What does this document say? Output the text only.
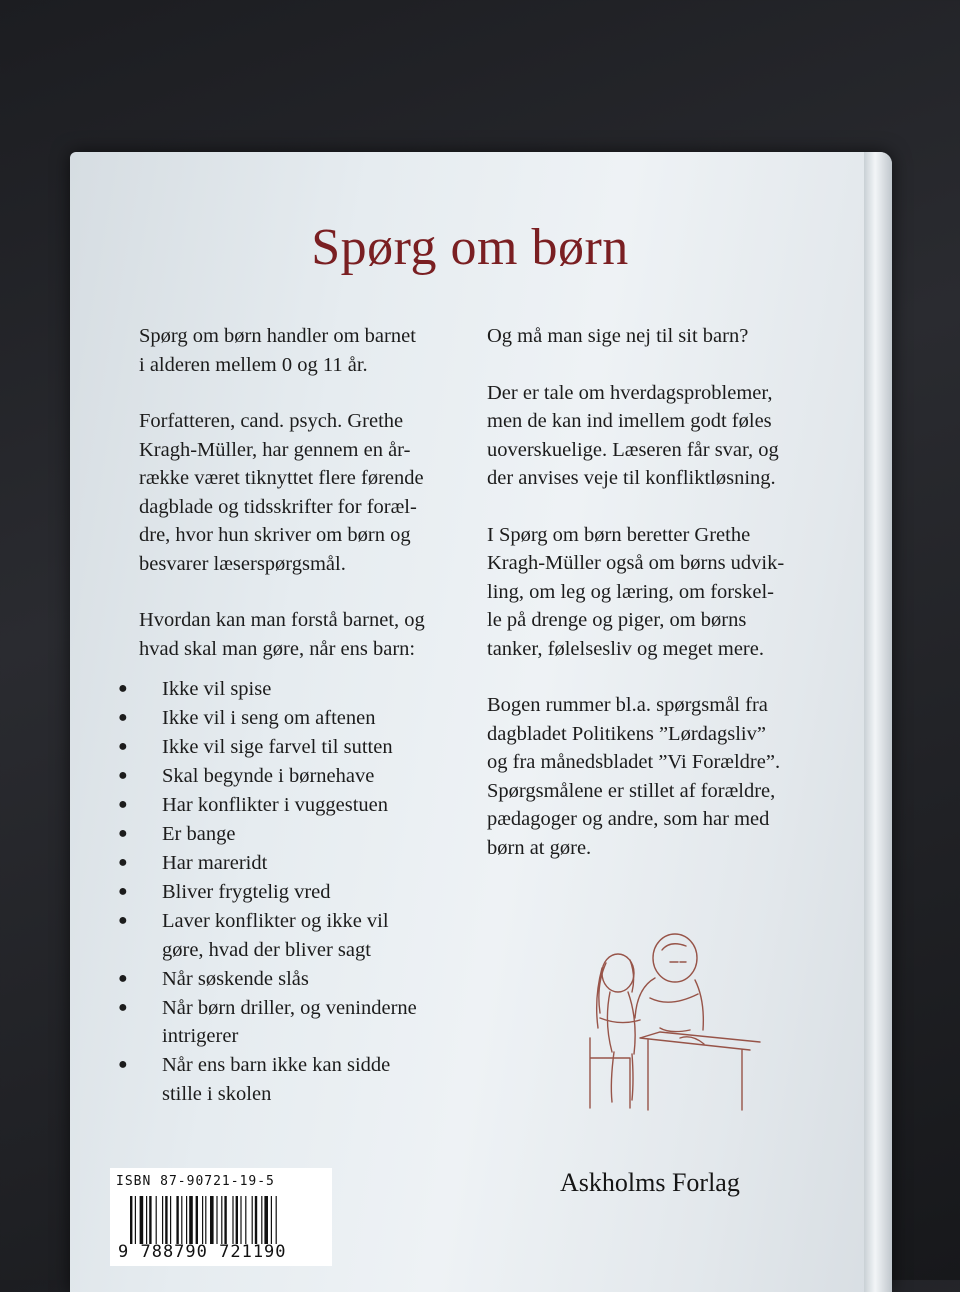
Spørg om børn

Spørg om børn handler om barnet
i alderen mellem 0 og 11 år.

Forfatteren, cand. psych. Grethe
Kragh-Müller, har gennem en år-
række været tiknyttet flere førende
dagblade og tidsskrifter for foræl-
dre, hvor hun skriver om børn og
besvarer læserspørgsmål.

Hvordan kan man forstå barnet, og
hvad skal man gøre, når ens barn:

●	Ikke vil spise
●	Ikke vil i seng om aftenen
●	Ikke vil sige farvel til sutten
●	Skal begynde i børnehave
●	Har konflikter i vuggestuen
●	Er bange
●	Har mareridt
●	Bliver frygtelig vred
●	Laver konflikter og ikke vil
gøre, hvad der bliver sagt
●	Når søskende slås
●	Når børn driller, og veninderne
intrigerer
●	Når ens barn ikke kan sidde
stille i skolen

Og må man sige nej til sit barn?

Der er tale om hverdagsproblemer,
men de kan ind imellem godt føles
uoverskuelige. Læseren får svar, og
der anvises veje til konfliktløsning.

I Spørg om børn beretter Grethe
Kragh-Müller også om børns udvik-
ling, om leg og læring, om forskel-
le på drenge og piger, om børns
tanker, følelsesliv og meget mere.

Bogen rummer bl.a. spørgsmål fra
dagbladet Politikens ”Lørdagsliv”
og fra månedsbladet ”Vi Forældre”.
Spørgsmålene er stillet af forældre,
pædagoger og andre, som har med
børn at gøre.

Askholms Forlag
ISBN 87-90721-19-5
9 788790 721190
